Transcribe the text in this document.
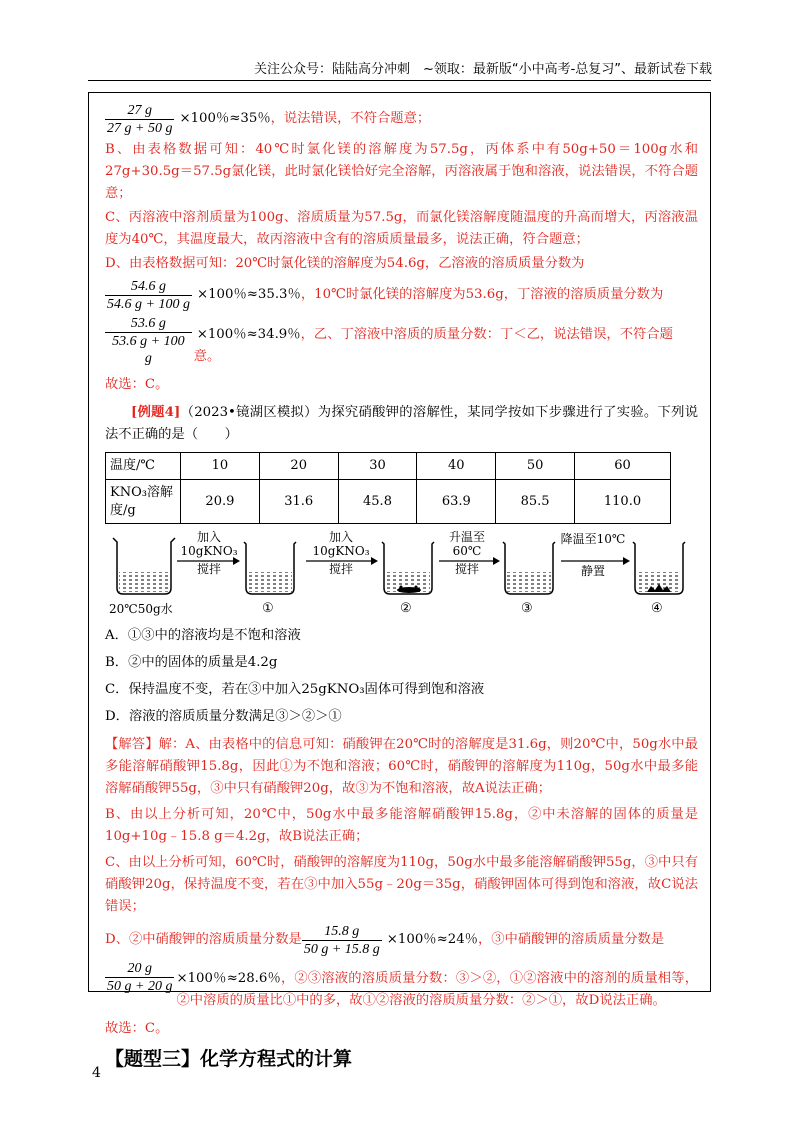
关注公众号：陆陆高分冲刺　~领取：最新版“小中高考-总复习”、最新试卷下载
$\frac{27 g}{27 g + 50 g} \times 100$％≈35％ ，说法错误，不符合题意；

B、由表格数据可知：40℃时氯化镁的溶解度为57.5g，丙体系中有50g+50＝100g水和27g+30.5g＝57.5g氯化镁，此时氯化镁恰好完全溶解，丙溶液属于饱和溶液，说法错误，不符合题意；

C、丙溶液中溶剂质量为100g、溶质质量为57.5g，而氯化镁溶解度随温度的升高而增大，丙溶液温度为40℃，其温度最大，故丙溶液中含有的溶质质量最多，说法正确，符合题意；

D、由表格数据可知：20℃时氯化镁的溶解度为54.6g，乙溶液的溶质质量分数为

$\frac{54.6 g}{54.6 g + 100 g} \times 100$％≈35.3％ ，10℃时氯化镁的溶解度为53.6g，丁溶液的溶质质量分数为
$\frac{53.6 g}{53.6 g + 100 g} \times 100$％≈34.9％，乙、丁溶液中溶质的质量分数：丁＜乙，说法错误，不符合题意。

故选：C。

[例题4]（2023•镜湖区模拟）为探究硝酸钾的溶解性，某同学按如下步骤进行了实验。下列说法不正确的是（　　）

温度/℃	10	20	30	40	50	60
KNO₃溶解度/g	20.9	31.6	45.8	63.9	85.5	110.0
加入
10gKNO₃
搅拌
加入
10gKNO₃
搅拌
升温至
60℃
搅拌
降温至10℃
静置
20℃50g水	①	②	③	④

A．①③中的溶液均是不饱和溶液

B．②中的固体的质量是4.2g

C．保持温度不变，若在③中加入25gKNO₃固体可得到饱和溶液

D．溶液的溶质质量分数满足③＞②＞①

【解答】解：A、由表格中的信息可知：硝酸钾在20℃时的溶解度是31.6g，则20℃中，50g水中最多能溶解硝酸钾15.8g，因此①为不饱和溶液；60℃时，硝酸钾的溶解度为110g，50g水中最多能溶解硝酸钾55g，③中只有硝酸钾20g，故③为不饱和溶液，故A说法正确；

B、由以上分析可知，20℃中，50g水中最多能溶解硝酸钾15.8g，②中未溶解的固体的质量是10g+10g﹣15.8 g＝4.2g，故B说法正确；

C、由以上分析可知，60℃时，硝酸钾的溶解度为110g，50g水中最多能溶解硝酸钾55g，③中只有硝酸钾20g，保持温度不变，若在③中加入55g﹣20g＝35g，硝酸钾固体可得到饱和溶液，故C说法错误；

D、②中硝酸钾的溶质质量分数是 $\frac{15.8 g}{50 g + 15.8 g} \times 100$％≈24％ ，③中硝酸钾的溶质质量分数是
$\frac{20 g}{50 g + 20 g} \times 100$％≈28.6％，②③溶液的溶质质量分数：③＞②，①②溶液中的溶剂的质量相等，②中溶质的质量比①中的多，故①②溶液的溶质质量分数：②＞①，故D说法正确。

故选：C。

【题型三】化学方程式的计算
4
